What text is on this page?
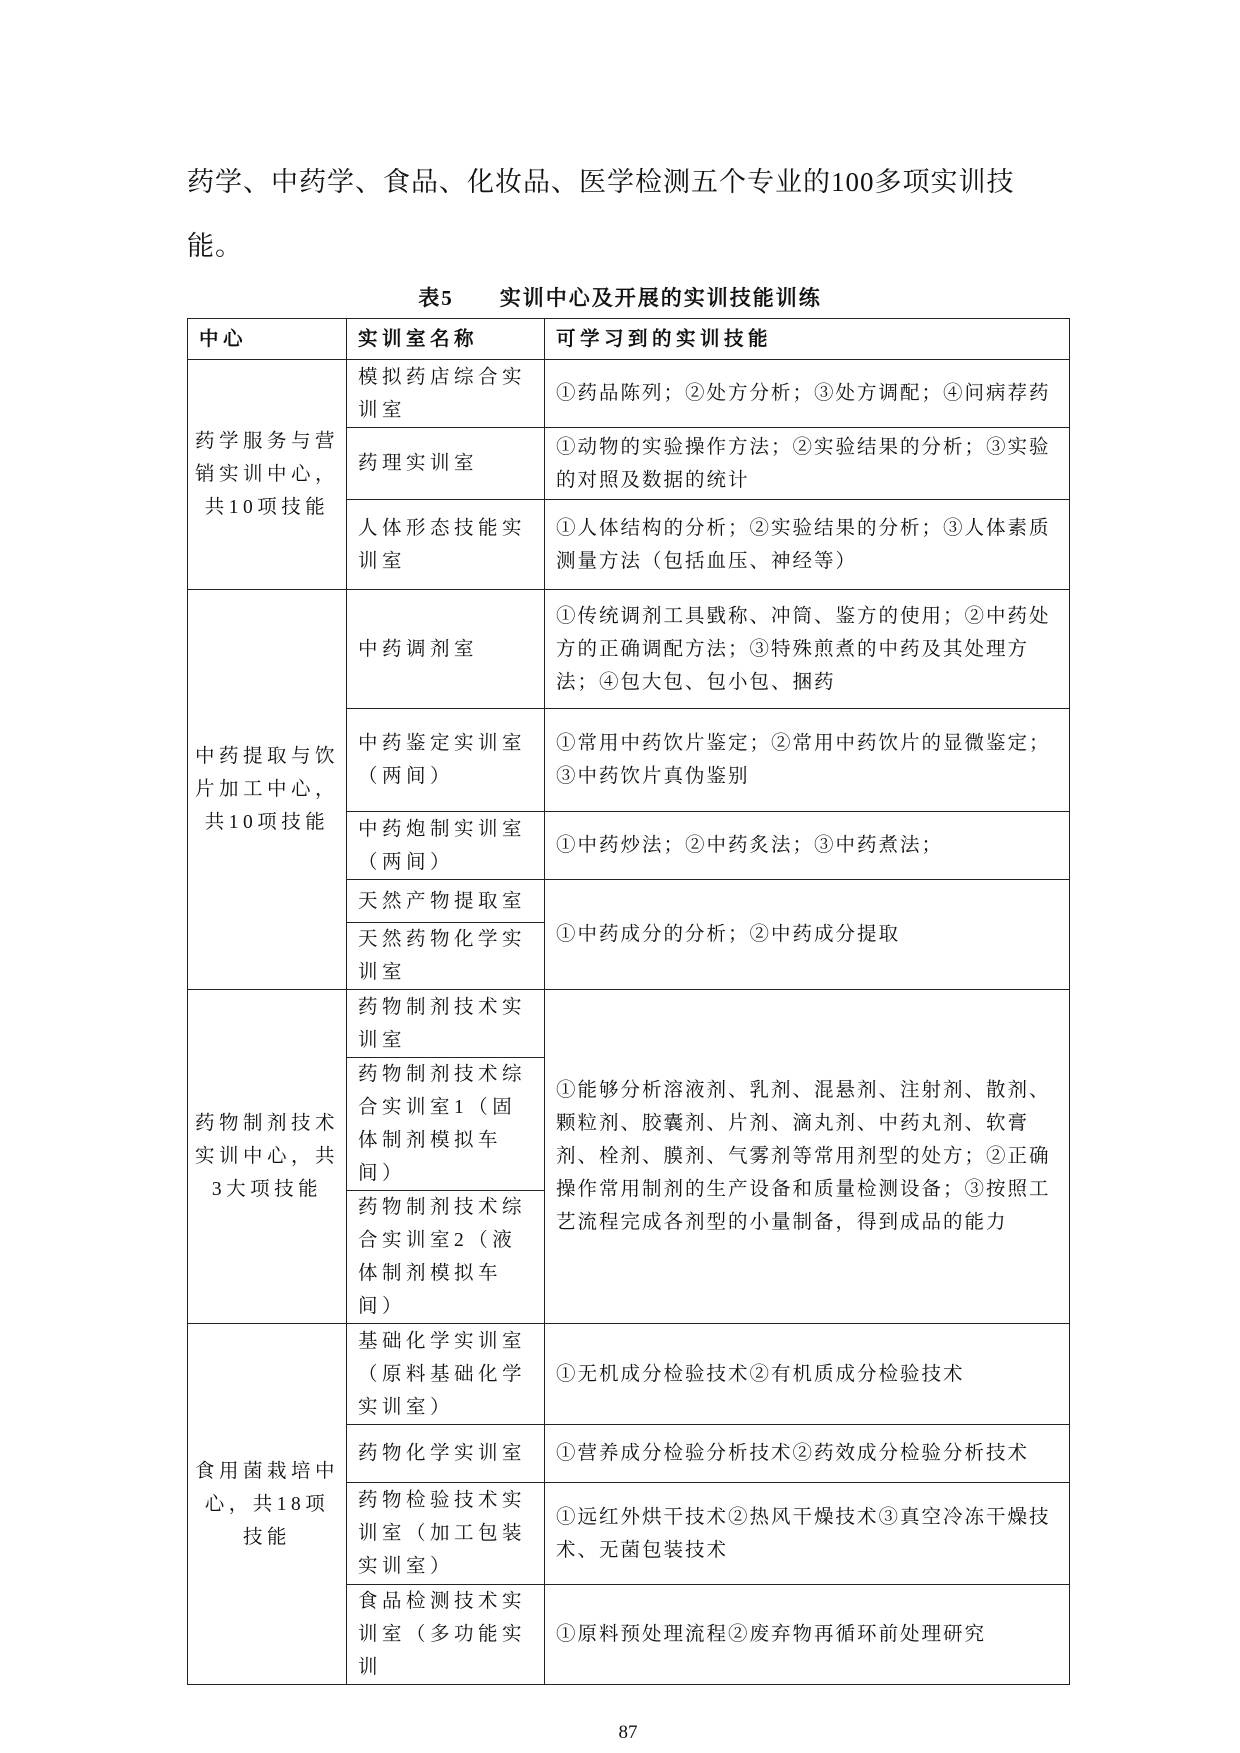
药学、中药学、食品、化妆品、医学检测五个专业的100多项实训技
能。
表5 实训中心及开展的实训技能训练
中心	实训室名称	可学习到的实训技能
药学服务与营销实训中心，共10项技能	模拟药店综合实训室	①药品陈列；②处方分析；③处方调配；④问病荐药
	药理实训室	①动物的实验操作方法；②实验结果的分析；③实验的对照及数据的统计
	人体形态技能实训室	①人体结构的分析；②实验结果的分析；③人体素质测量方法（包括血压、神经等）
中药提取与饮片加工中心，共10项技能	中药调剂室	①传统调剂工具戥称、冲筒、鉴方的使用；②中药处方的正确调配方法；③特殊煎煮的中药及其处理方法；④包大包、包小包、捆药
	中药鉴定实训室（两间）	①常用中药饮片鉴定；②常用中药饮片的显微鉴定；③中药饮片真伪鉴别
	中药炮制实训室（两间）	①中药炒法；②中药炙法；③中药煮法；
	天然产物提取室	①中药成分的分析；②中药成分提取
	天然药物化学实训室	
药物制剂技术实训中心，共3大项技能	药物制剂技术实训室	①能够分析溶液剂、乳剂、混悬剂、注射剂、散剂、颗粒剂、胶囊剂、片剂、滴丸剂、中药丸剂、软膏剂、栓剂、膜剂、气雾剂等常用剂型的处方；②正确操作常用制剂的生产设备和质量检测设备；③按照工艺流程完成各剂型的小量制备，得到成品的能力
	药物制剂技术综合实训室1（固体制剂模拟车间）	
	药物制剂技术综合实训室2（液体制剂模拟车间）	
食用菌栽培中心，共18项技能	基础化学实训室（原料基础化学实训室）	①无机成分检验技术②有机质成分检验技术
	药物化学实训室	①营养成分检验分析技术②药效成分检验分析技术
	药物检验技术实训室（加工包装实训室）	①远红外烘干技术②热风干燥技术③真空冷冻干燥技术、无菌包装技术
	食品检测技术实训室（多功能实训	①原料预处理流程②废弃物再循环前处理研究
87
